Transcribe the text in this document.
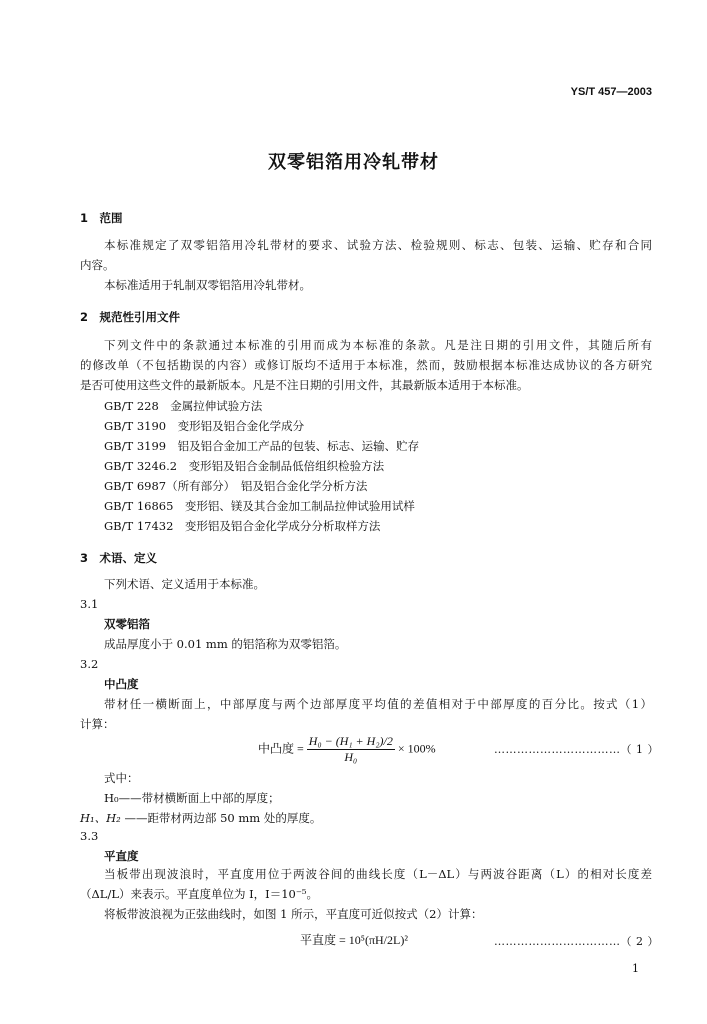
YS/T 457—2003
双零铝箔用冷轧带材
1　范围
本标准规定了双零铝箔用冷轧带材的要求、试验方法、检验规则、标志、包装、运输、贮存和合同
内容。
本标准适用于轧制双零铝箔用冷轧带材。
2　规范性引用文件
下列文件中的条款通过本标准的引用而成为本标准的条款。凡是注日期的引用文件，其随后所有
的修改单（不包括勘误的内容）或修订版均不适用于本标准，然而，鼓励根据本标准达成协议的各方研究
是否可使用这些文件的最新版本。凡是不注日期的引用文件，其最新版本适用于本标准。
GB/T 228　金属拉伸试验方法
GB/T 3190　变形铝及铝合金化学成分
GB/T 3199　铝及铝合金加工产品的包装、标志、运输、贮存
GB/T 3246.2　变形铝及铝合金制品低倍组织检验方法
GB/T 6987（所有部分）　铝及铝合金化学分析方法
GB/T 16865　变形铝、镁及其合金加工制品拉伸试验用试样
GB/T 17432　变形铝及铝合金化学成分分析取样方法
3　术语、定义
下列术语、定义适用于本标准。
3.1
双零铝箔
成品厚度小于 0.01 mm 的铝箔称为双零铝箔。
3.2
中凸度
带材任一横断面上，中部厚度与两个边部厚度平均值的差值相对于中部厚度的百分比。按式（1）
计算：
中凸度 = $\frac{\text{H₀ − (H₁ + H₂)/2}}{\text{H₀}} \times 100\%$	……………………………（ 1 ）
式中：
H₀——带材横断面上中部的厚度；
H₁、H₂ ——距带材两边部 50 mm 处的厚度。
3.3
平直度
当板带出现波浪时，平直度用位于两波谷间的曲线长度（L－ΔL）与两波谷距离（L）的相对长度差
（ΔL/L）来表示。平直度单位为 I，I＝10⁻⁵。
将板带波浪视为正弦曲线时，如图 1 所示，平直度可近似按式（2）计算：
平直度 = 10⁵(πH/2L)²	……………………………（ 2 ）
1
